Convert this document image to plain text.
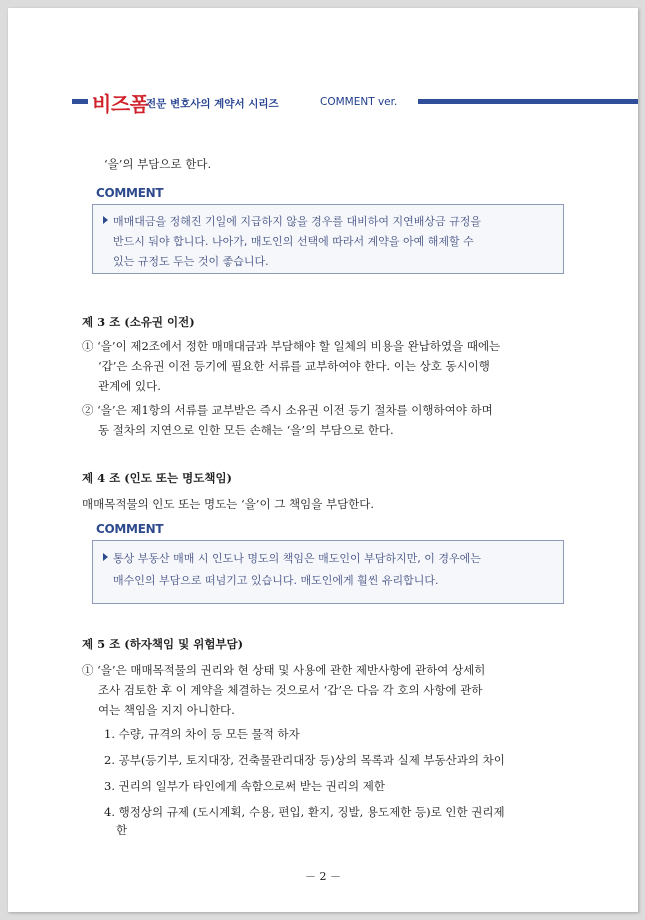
비즈폼
전문 변호사의 계약서 시리즈	COMMENT ver.
‘을’의 부담으로 한다.
COMMENT
매매대금을 정해진 기일에 지급하지 않을 경우를 대비하여 지연배상금 규정을
반드시 둬야 합니다. 나아가, 매도인의 선택에 따라서 계약을 아예 해제할 수
있는 규정도 두는 것이 좋습니다.
제 3 조 (소유권 이전)
① ‘을’이 제2조에서 정한 매매대금과 부담해야 할 일체의 비용을 완납하였을 때에는
‘갑’은 소유권 이전 등기에 필요한 서류를 교부하여야 한다. 이는 상호 동시이행
관계에 있다.
② ‘을’은 제1항의 서류를 교부받은 즉시 소유권 이전 등기 절차를 이행하여야 하며
동 절차의 지연으로 인한 모든 손해는 ‘을’의 부담으로 한다.
제 4 조 (인도 또는 명도책임)
매매목적물의 인도 또는 명도는 ‘을’이 그 책임을 부담한다.
COMMENT
통상 부동산 매매 시 인도나 명도의 책임은 매도인이 부담하지만, 이 경우에는
매수인의 부담으로 떠넘기고 있습니다. 매도인에게 훨씬 유리합니다.
제 5 조 (하자책임 및 위험부담)
① ‘을’은 매매목적물의 권리와 현 상태 및 사용에 관한 제반사항에 관하여 상세히
조사 검토한 후 이 계약을 체결하는 것으로서 ‘갑’은 다음 각 호의 사항에 관하
여는 책임을 지지 아니한다.
1. 수량, 규격의 차이 등 모든 물적 하자
2. 공부(등기부, 토지대장, 건축물관리대장 등)상의 목록과 실제 부동산과의 차이
3. 권리의 일부가 타인에게 속함으로써 받는 권리의 제한
4. 행정상의 규제 (도시계획, 수용, 편입, 환지, 징발, 용도제한 등)로 인한 권리제
한
－ 2 －
